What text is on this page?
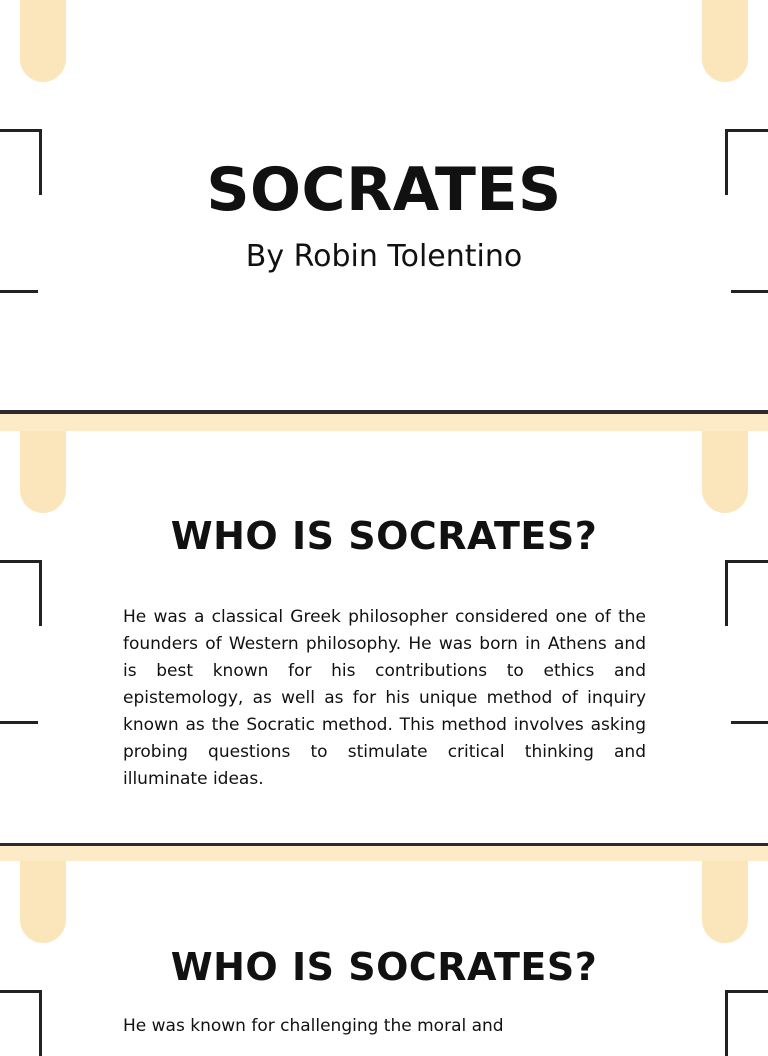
SOCRATES

By Robin Tolentino

WHO IS SOCRATES?

He was a classical Greek philosopher considered one of the founders of Western philosophy. He was born in Athens and is best known for his contributions to ethics and epistemology, as well as for his unique method of inquiry known as the Socratic method. This method involves asking probing questions to stimulate critical thinking and illuminate ideas.

WHO IS SOCRATES?

He was known for challenging the moral and
